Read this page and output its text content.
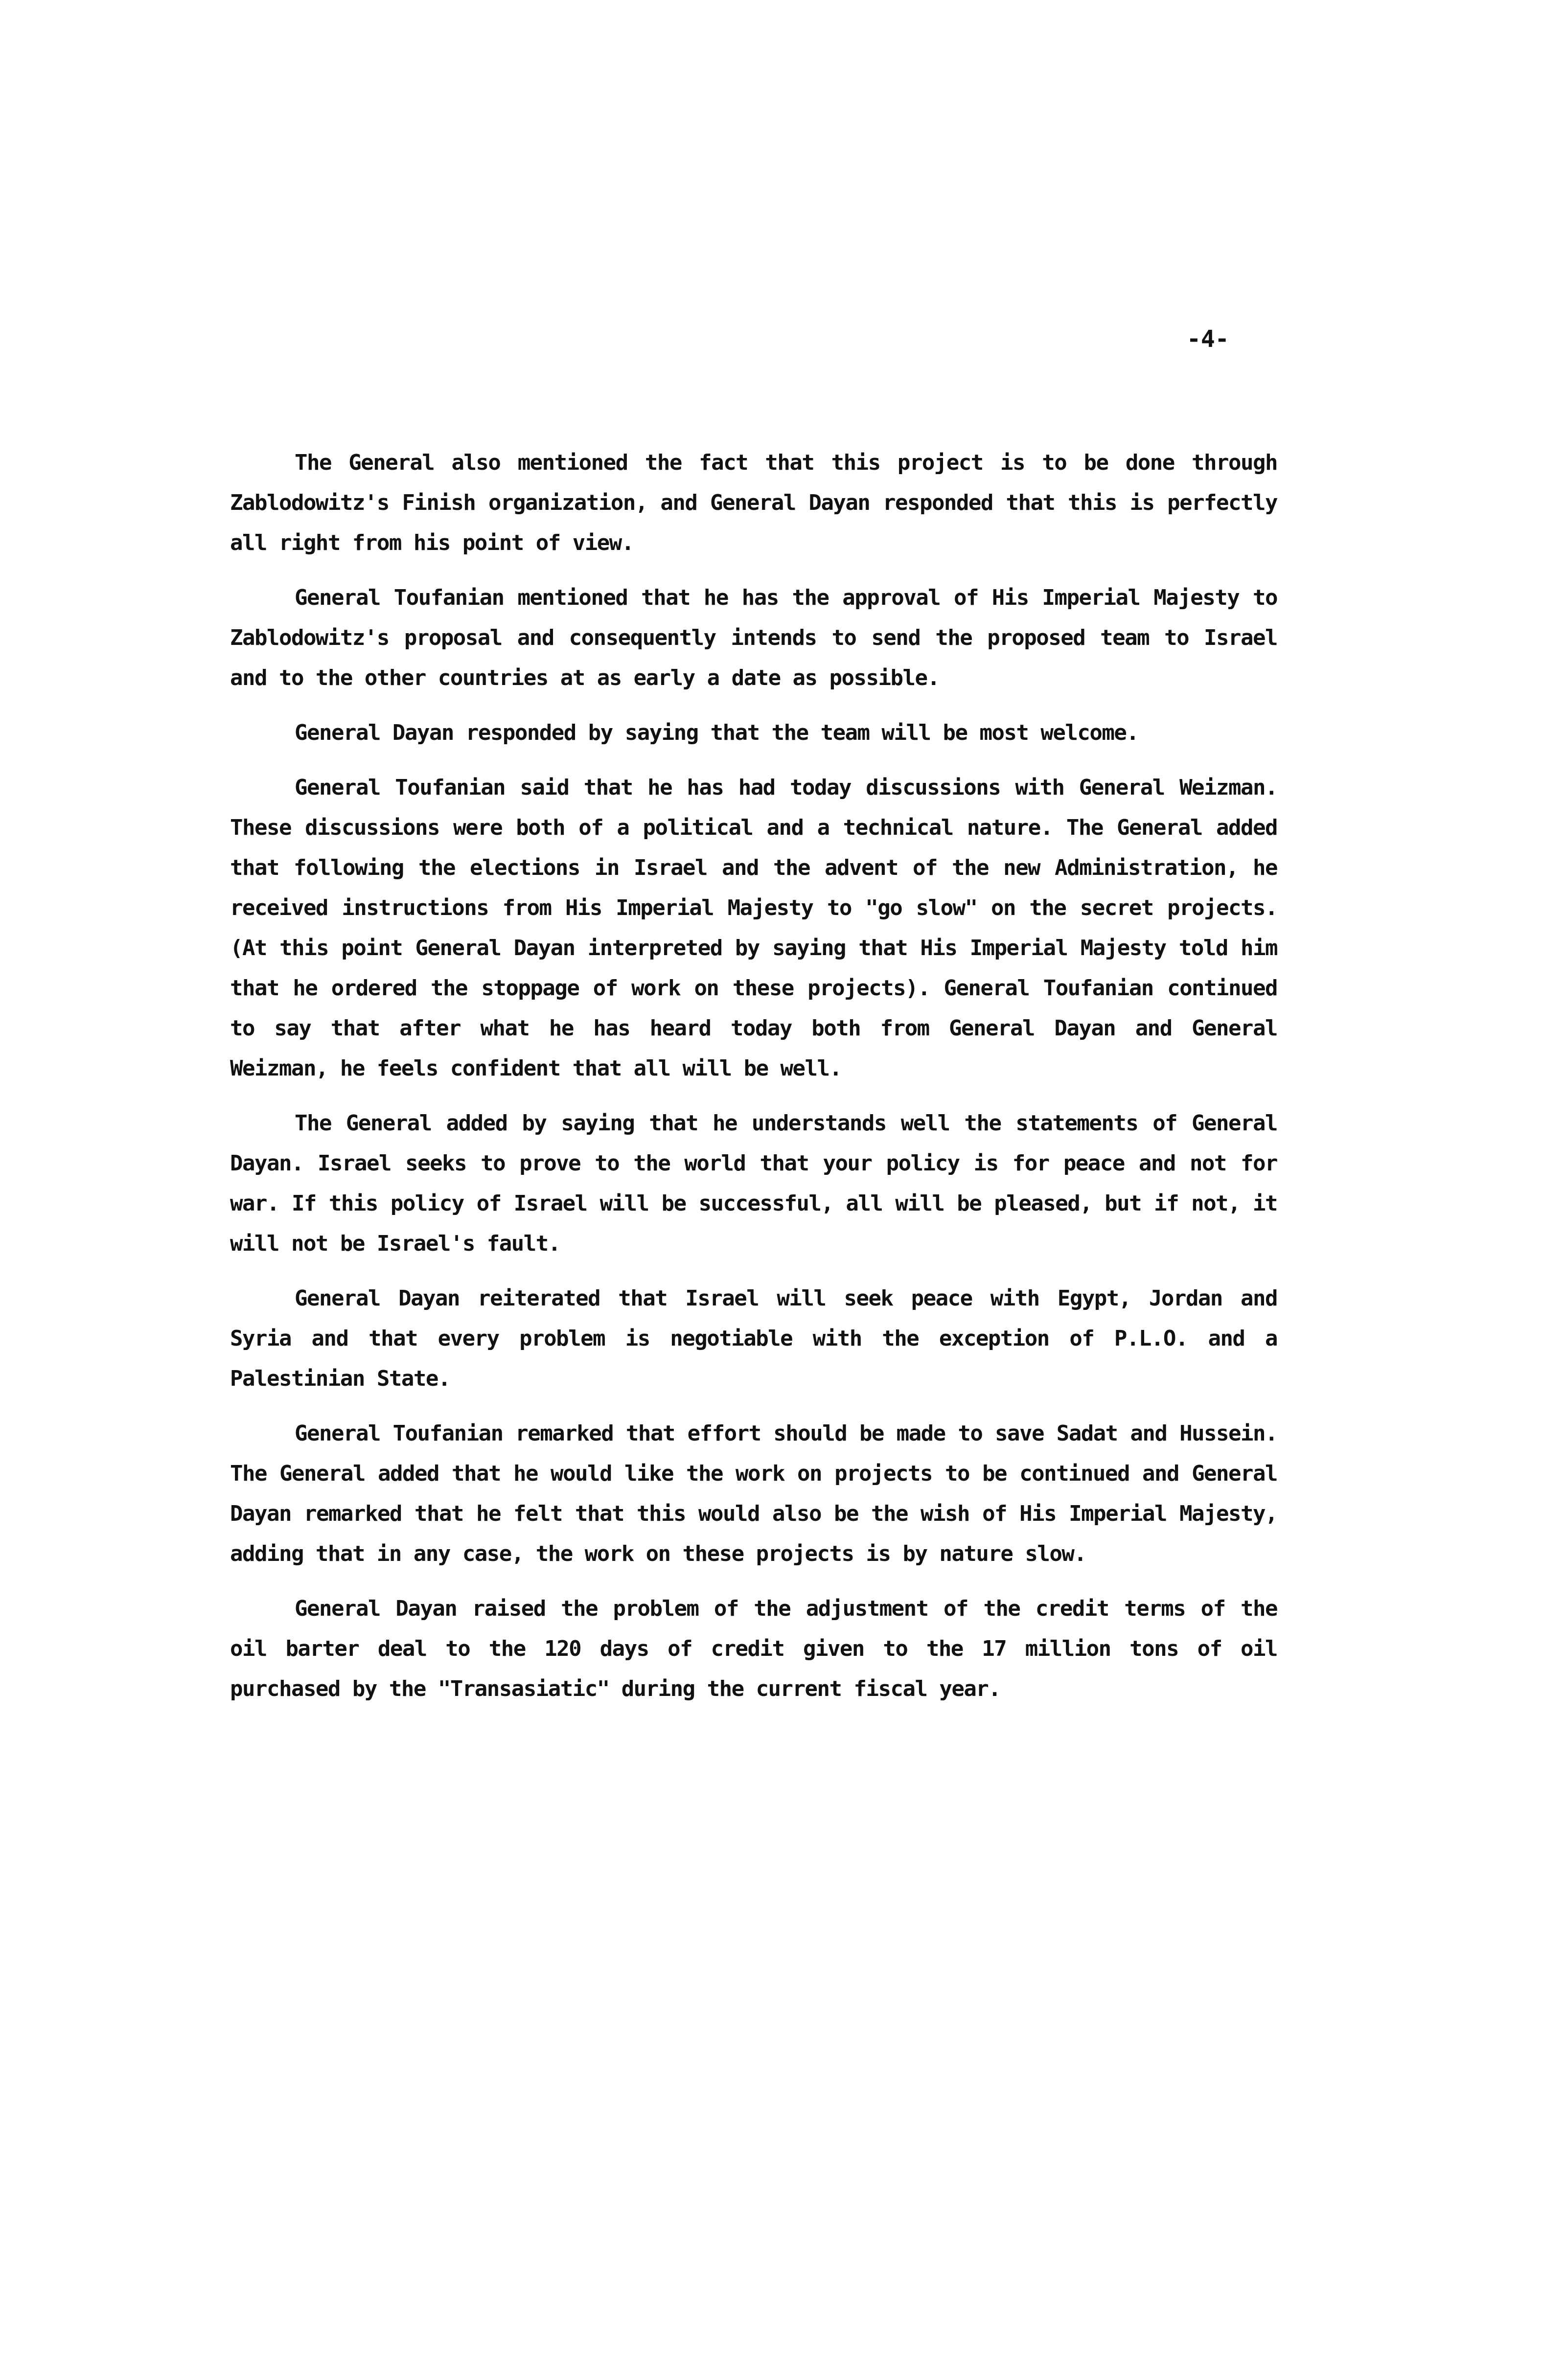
-4-

The General also mentioned the fact that this project is to be done through Zablodowitz's Finish organization, and General Dayan responded that this is perfectly all right from his point of view.

General Toufanian mentioned that he has the approval of His Imperial Majesty to Zablodowitz's proposal and consequently intends to send the proposed team to Israel and to the other countries at as early a date as possible.

General Dayan responded by saying that the team will be most welcome.

General Toufanian said that he has had today discussions with General Weizman. These discussions were both of a political and a technical nature. The General added that following the elections in Israel and the advent of the new Administration, he received instructions from His Imperial Majesty to "go slow" on the secret projects. (At this point General Dayan interpreted by saying that His Imperial Majesty told him that he ordered the stoppage of work on these projects). General Toufanian continued to say that after what he has heard today both from General Dayan and General Weizman, he feels confident that all will be well.

The General added by saying that he understands well the statements of General Dayan. Israel seeks to prove to the world that your policy is for peace and not for war. If this policy of Israel will be successful, all will be pleased, but if not, it will not be Israel's fault.

General Dayan reiterated that Israel will seek peace with Egypt, Jordan and Syria and that every problem is negotiable with the exception of P.L.O. and a Palestinian State.

General Toufanian remarked that effort should be made to save Sadat and Hussein. The General added that he would like the work on projects to be continued and General Dayan remarked that he felt that this would also be the wish of His Imperial Majesty, adding that in any case, the work on these projects is by nature slow.

General Dayan raised the problem of the adjustment of the credit terms of the oil barter deal to the 120 days of credit given to the 17 million tons of oil purchased by the "Transasiatic" during the current fiscal year.
